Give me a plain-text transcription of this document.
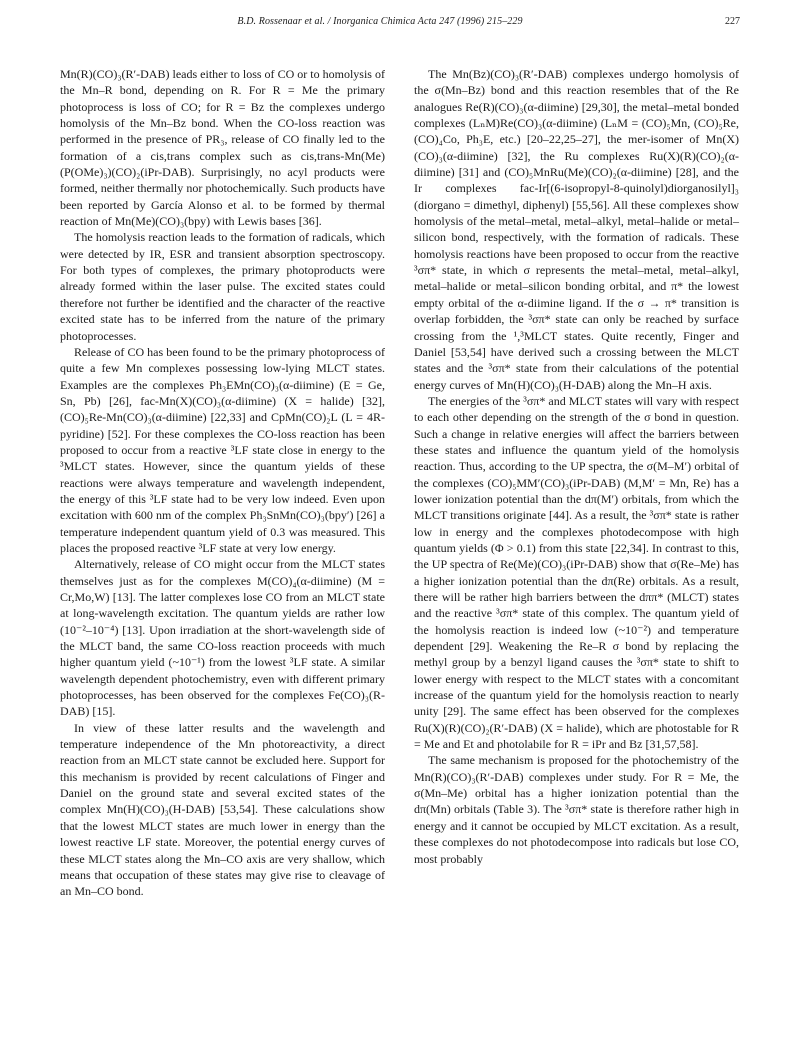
B.D. Rossenaar et al. / Inorganica Chimica Acta 247 (1996) 215–229	227

Mn(R)(CO)₃(R′-DAB) leads either to loss of CO or to homolysis of the Mn–R bond, depending on R. For R = Me the primary photoprocess is loss of CO; for R = Bz the complexes undergo homolysis of the Mn–Bz bond. When the CO-loss reaction was performed in the presence of PR₃, release of CO finally led to the formation of a cis,trans complex such as cis,trans-Mn(Me)(P(OMe)₃)(CO)₂(iPr-DAB). Surprisingly, no acyl products were formed, neither thermally nor photochemically. Such products have been reported by García Alonso et al. to be formed by thermal reaction of Mn(Me)(CO)₃(bpy) with Lewis bases [36].

The homolysis reaction leads to the formation of radicals, which were detected by IR, ESR and transient absorption spectroscopy. For both types of complexes, the primary photoproducts were already formed within the laser pulse. The excited states could therefore not further be identified and the character of the reactive excited state has to be inferred from the nature of the primary photoprocesses.

Release of CO has been found to be the primary photoprocess of quite a few Mn complexes possessing low-lying MLCT states. Examples are the complexes Ph₃EMn(CO)₃(α-diimine) (E = Ge, Sn, Pb) [26], fac-Mn(X)(CO)₃(α-diimine) (X = halide) [32], (CO)₅Re-Mn(CO)₃(α-diimine) [22,33] and CpMn(CO)₂L (L = 4R-pyridine) [52]. For these complexes the CO-loss reaction has been proposed to occur from a reactive ³LF state close in energy to the ³MLCT states. However, since the quantum yields of these reactions were always temperature and wavelength independent, the energy of this ³LF state had to be very low indeed. Even upon excitation with 600 nm of the complex Ph₃SnMn(CO)₃(bpy′) [26] a temperature independent quantum yield of 0.3 was measured. This places the proposed reactive ³LF state at very low energy.

Alternatively, release of CO might occur from the MLCT states themselves just as for the complexes M(CO)₄(α-diimine) (M = Cr,Mo,W) [13]. The latter complexes lose CO from an MLCT state at long-wavelength excitation. The quantum yields are rather low (10⁻²–10⁻⁴) [13]. Upon irradiation at the short-wavelength side of the MLCT band, the same CO-loss reaction proceeds with much higher quantum yield (~10⁻¹) from the lowest ³LF state. A similar wavelength dependent photochemistry, even with different primary photoprocesses, has been observed for the complexes Fe(CO)₃(R-DAB) [15].

In view of these latter results and the wavelength and temperature independence of the Mn photoreactivity, a direct reaction from an MLCT state cannot be excluded here. Support for this mechanism is provided by recent calculations of Finger and Daniel on the ground state and several excited states of the complex Mn(H)(CO)₃(H-DAB) [53,54]. These calculations show that the lowest MLCT states are much lower in energy than the lowest reactive LF state. Moreover, the potential energy curves of these MLCT states along the Mn–CO axis are very shallow, which means that occupation of these states may give rise to cleavage of an Mn–CO bond.

The Mn(Bz)(CO)₃(R′-DAB) complexes undergo homolysis of the σ(Mn–Bz) bond and this reaction resembles that of the Re analogues Re(R)(CO)₃(α-diimine) [29,30], the metal–metal bonded complexes (LₙM)Re(CO)₃(α-diimine) (LₙM = (CO)₅Mn, (CO)₅Re, (CO)₄Co, Ph₃E, etc.) [20–22,25–27], the mer-isomer of Mn(X)(CO)₃(α-diimine) [32], the Ru complexes Ru(X)(R)(CO)₂(α-diimine) [31] and (CO)₅MnRu(Me)(CO)₂(α-diimine) [28], and the Ir complexes fac-Ir[(6-isopropyl-8-quinolyl)diorganosilyl]₃ (diorgano = dimethyl, diphenyl) [55,56]. All these complexes show homolysis of the metal–metal, metal–alkyl, metal–halide or metal–silicon bond, respectively, with the formation of radicals. These homolysis reactions have been proposed to occur from the reactive ³σπ* state, in which σ represents the metal–metal, metal–alkyl, metal–halide or metal–silicon bonding orbital, and π* the lowest empty orbital of the α-diimine ligand. If the σ → π* transition is overlap forbidden, the ³σπ* state can only be reached by surface crossing from the ¹,³MLCT states. Quite recently, Finger and Daniel [53,54] have derived such a crossing between the MLCT states and the ³σπ* state from their calculations of the potential energy curves of Mn(H)(CO)₃(H-DAB) along the Mn–H axis.

The energies of the ³σπ* and MLCT states will vary with respect to each other depending on the strength of the σ bond in question. Such a change in relative energies will affect the barriers between these states and influence the quantum yield of the homolysis reaction. Thus, according to the UP spectra, the σ(M–M′) orbital of the complexes (CO)₅MM′(CO)₃(iPr-DAB) (M,M′ = Mn, Re) has a lower ionization potential than the dπ(M′) orbitals, from which the MLCT transitions originate [44]. As a result, the ³σπ* state is rather low in energy and the complexes photodecompose with high quantum yields (Φ > 0.1) from this state [22,34]. In contrast to this, the UP spectra of Re(Me)(CO)₃(iPr-DAB) show that σ(Re–Me) has a higher ionization potential than the dπ(Re) orbitals. As a result, there will be rather high barriers between the dππ* (MLCT) states and the reactive ³σπ* state of this complex. The quantum yield of the homolysis reaction is indeed low (~10⁻²) and temperature dependent [29]. Weakening the Re–R σ bond by replacing the methyl group by a benzyl ligand causes the ³σπ* state to shift to lower energy with respect to the MLCT states with a concomitant increase of the quantum yield for the homolysis reaction to nearly unity [29]. The same effect has been observed for the complexes Ru(X)(R)(CO)₂(R′-DAB) (X = halide), which are photostable for R = Me and Et and photolabile for R = iPr and Bz [31,57,58].

The same mechanism is proposed for the photochemistry of the Mn(R)(CO)₃(R′-DAB) complexes under study. For R = Me, the σ(Mn–Me) orbital has a higher ionization potential than the dπ(Mn) orbitals (Table 3). The ³σπ* state is therefore rather high in energy and it cannot be occupied by MLCT excitation. As a result, these complexes do not photodecompose into radicals but lose CO, most probably
